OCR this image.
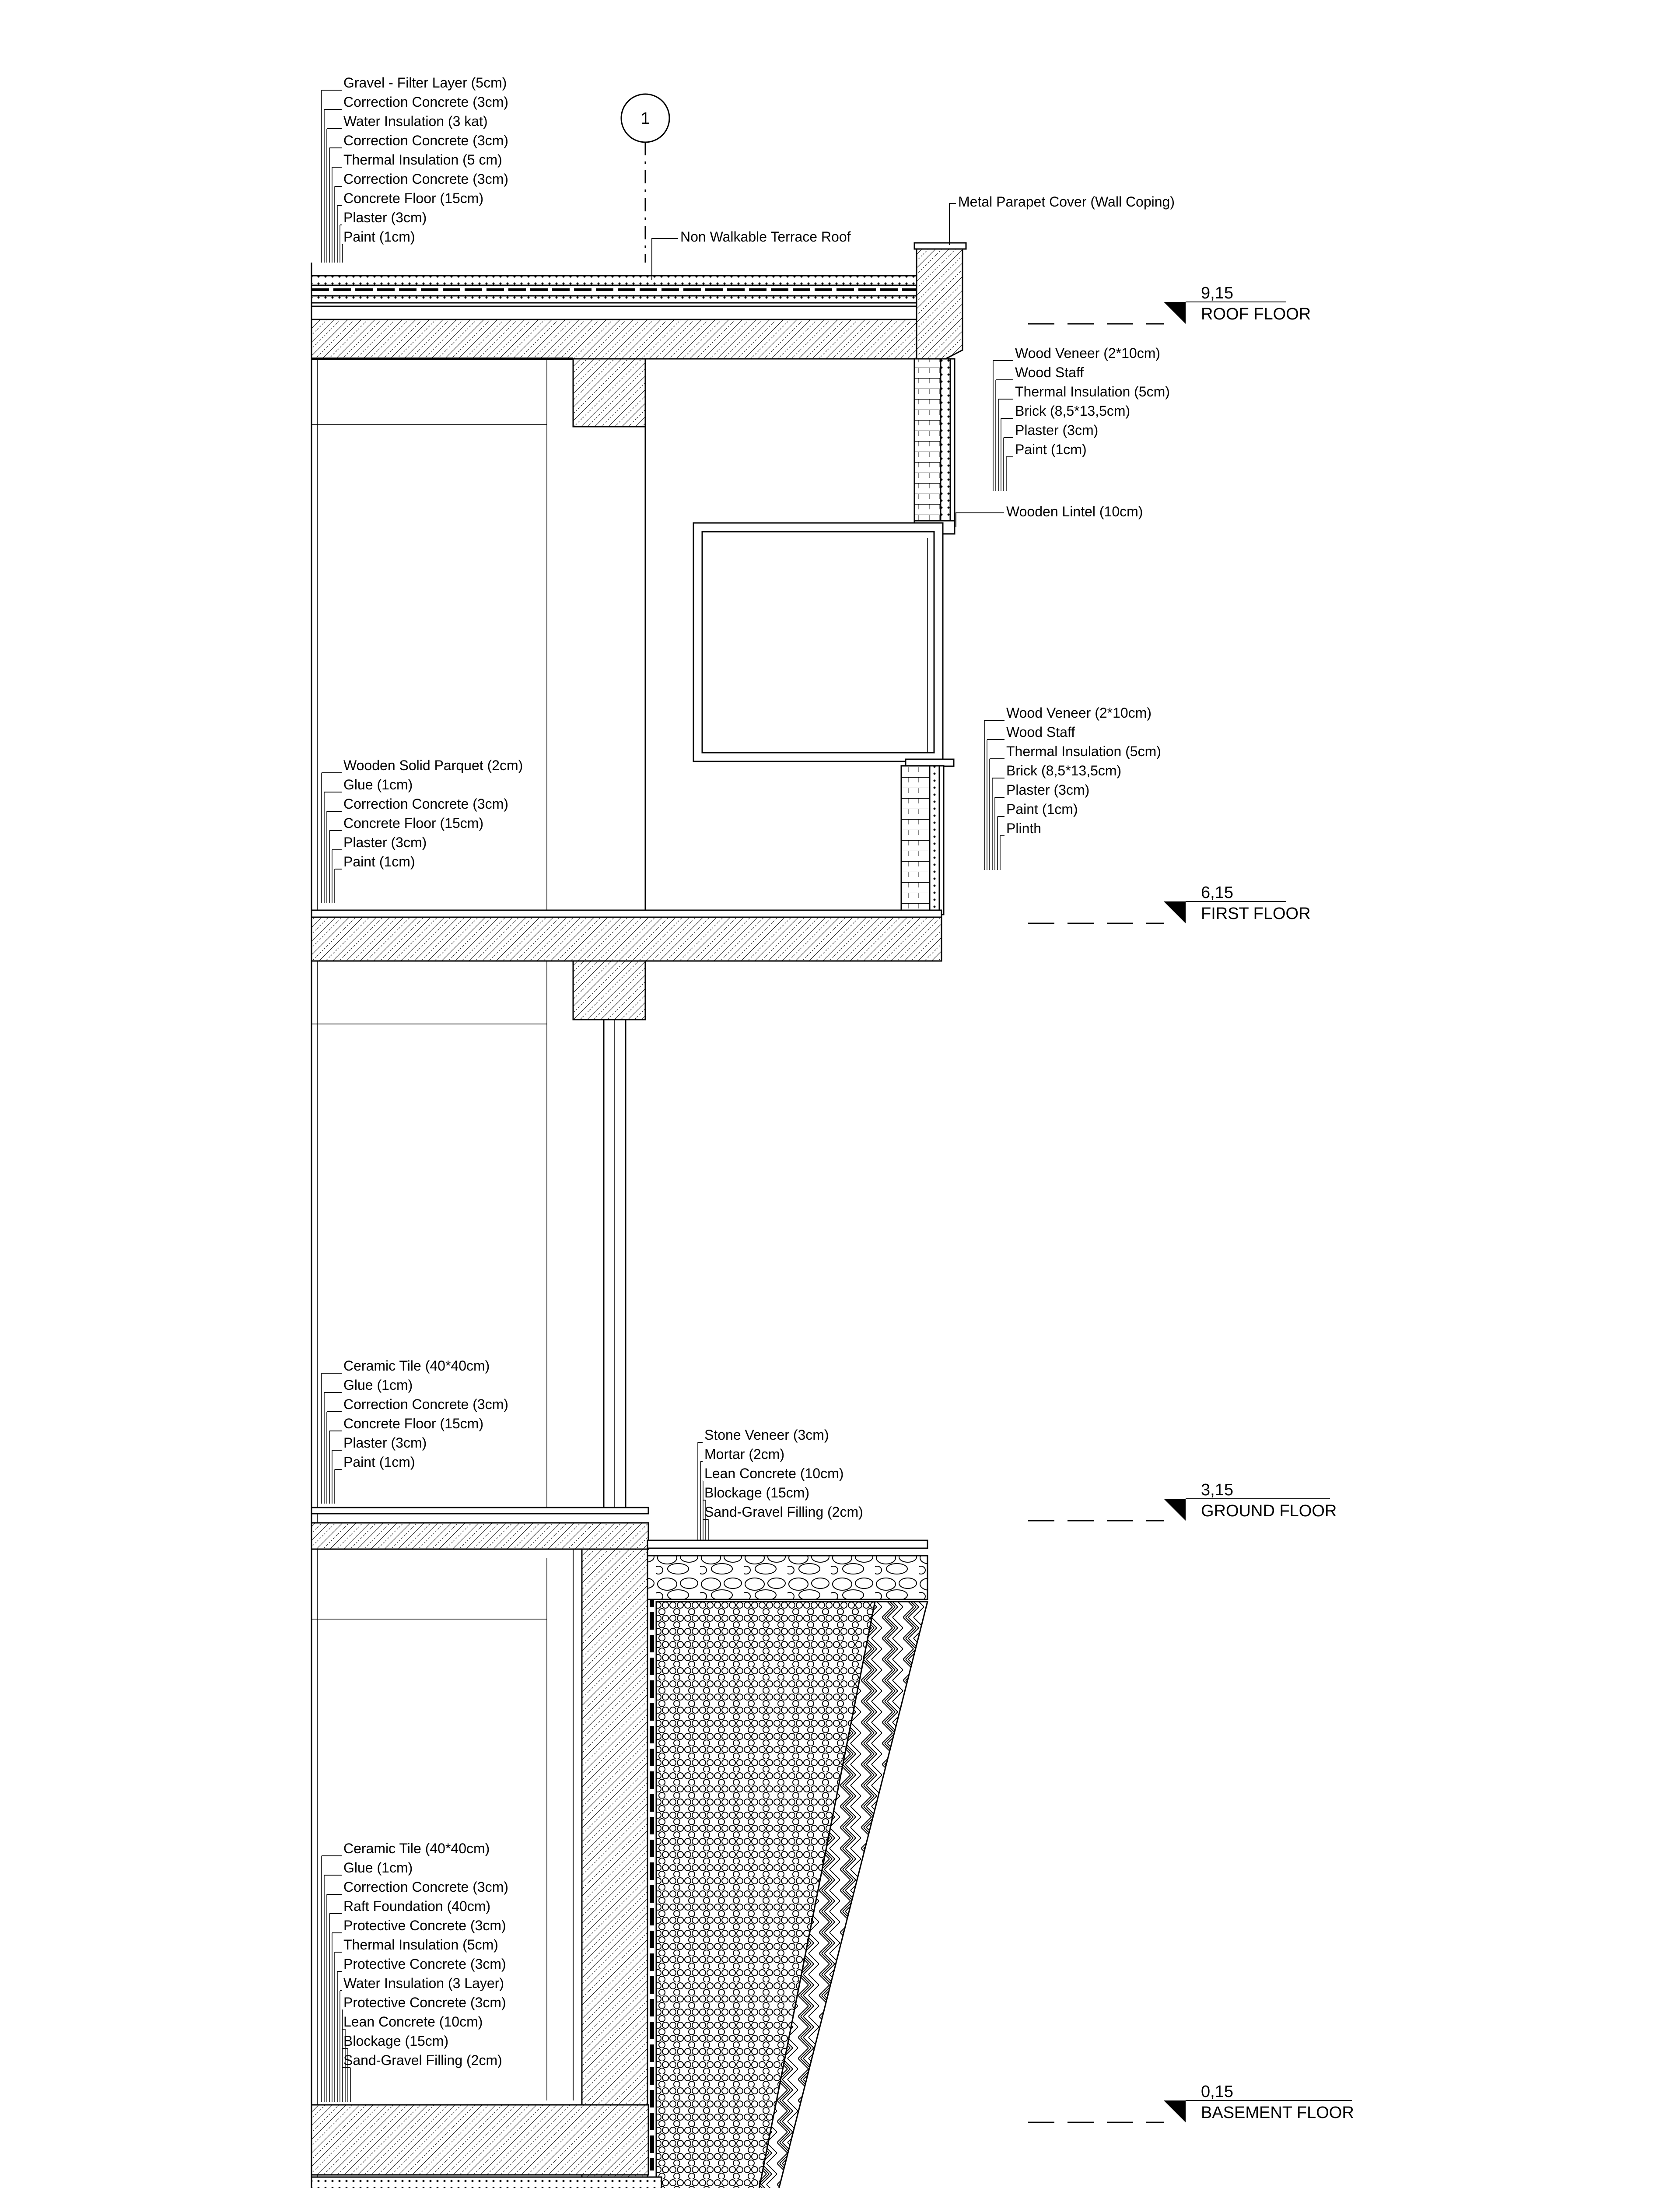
Gravel - Filter Layer (5cm)
Correction Concrete (3cm)
Water Insulation (3 kat)
Correction Concrete (3cm)
Thermal Insulation (5 cm)
Correction Concrete (3cm)
Concrete Floor (15cm)
Plaster (3cm)
Paint (1cm)
Wood Veneer (2*10cm)
Wood Staff
Thermal Insulation (5cm)
Brick (8,5*13,5cm)
Plaster (3cm)
Paint (1cm)
Wood Veneer (2*10cm)
Wood Staff
Thermal Insulation (5cm)
Brick (8,5*13,5cm)
Plaster (3cm)
Paint (1cm)
Plinth
Wooden Solid Parquet (2cm)
Glue (1cm)
Correction Concrete (3cm)
Concrete Floor (15cm)
Plaster (3cm)
Paint (1cm)
Ceramic Tile (40*40cm)
Glue (1cm)
Correction Concrete (3cm)
Concrete Floor (15cm)
Plaster (3cm)
Paint (1cm)
Stone Veneer (3cm)
Mortar (2cm)
Lean Concrete (10cm)
Blockage (15cm)
Sand-Gravel Filling (2cm)
Ceramic Tile (40*40cm)
Glue (1cm)
Correction Concrete (3cm)
Raft Foundation (40cm)
Protective Concrete (3cm)
Thermal Insulation (5cm)
Protective Concrete (3cm)
Water Insulation (3 Layer)
Protective Concrete (3cm)
Lean Concrete (10cm)
Blockage (15cm)
Sand-Gravel Filling (2cm)
1
Non Walkable Terrace Roof
Metal Parapet Cover (Wall Coping)
Wooden Lintel (10cm)
9,15
ROOF FLOOR
6,15
FIRST FLOOR
3,15
GROUND FLOOR
0,15
BASEMENT FLOOR
